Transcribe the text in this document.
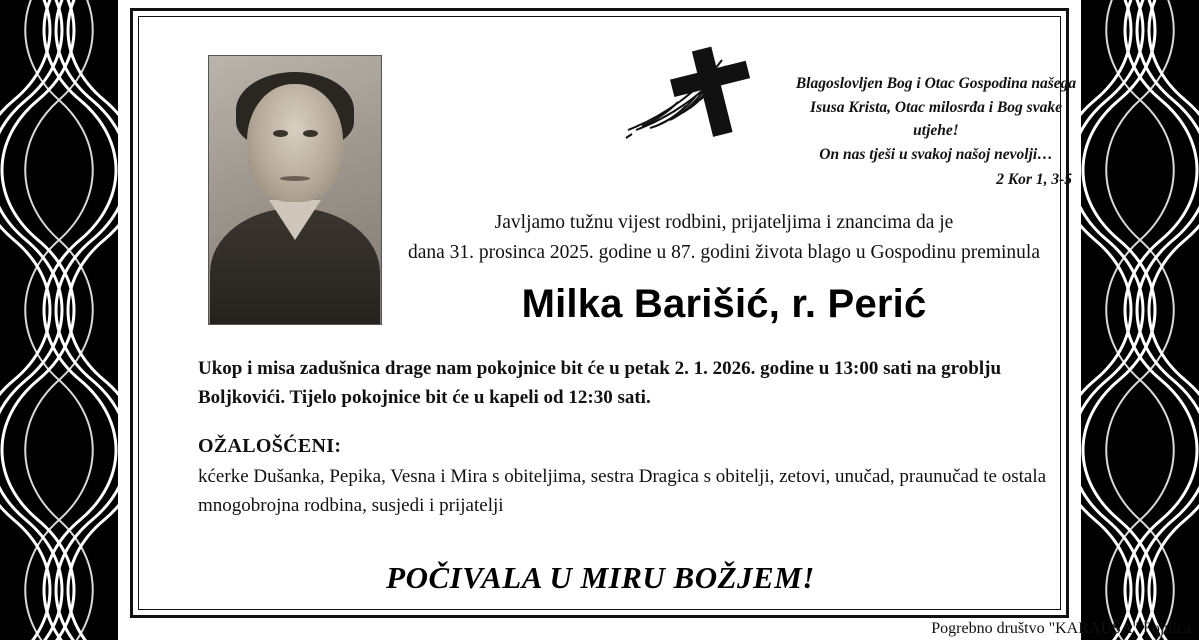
Blagoslovljen Bog i Otac Gospodina našega
Isusa Krista, Otac milosrđa i Bog svake utjehe!
On nas tješi u svakoj našoj nevolji…
2 Kor 1, 3-5
Javljamo tužnu vijest rodbini, prijateljima i znancima da je
dana 31. prosinca 2025. godine u 87. godini života blago u Gospodinu preminula
Milka Barišić, r. Perić
Ukop i misa zadušnica drage nam pokojnice bit će u petak 2. 1. 2026. godine u 13:00 sati na groblju Boljkovići. Tijelo pokojnice bit će u kapeli od 12:30 sati.
OŽALOŠĆENI:
kćerke Dušanka, Pepika, Vesna i Mira s obiteljima, sestra Dragica s obitelji, zetovi, unučad, praunučad te ostala mnogobrojna rodbina, susjedi i prijatelji
POČIVALA U MIRU BOŽJEM!
Pogrebno društvo "KARAUŠA" Fojnica
